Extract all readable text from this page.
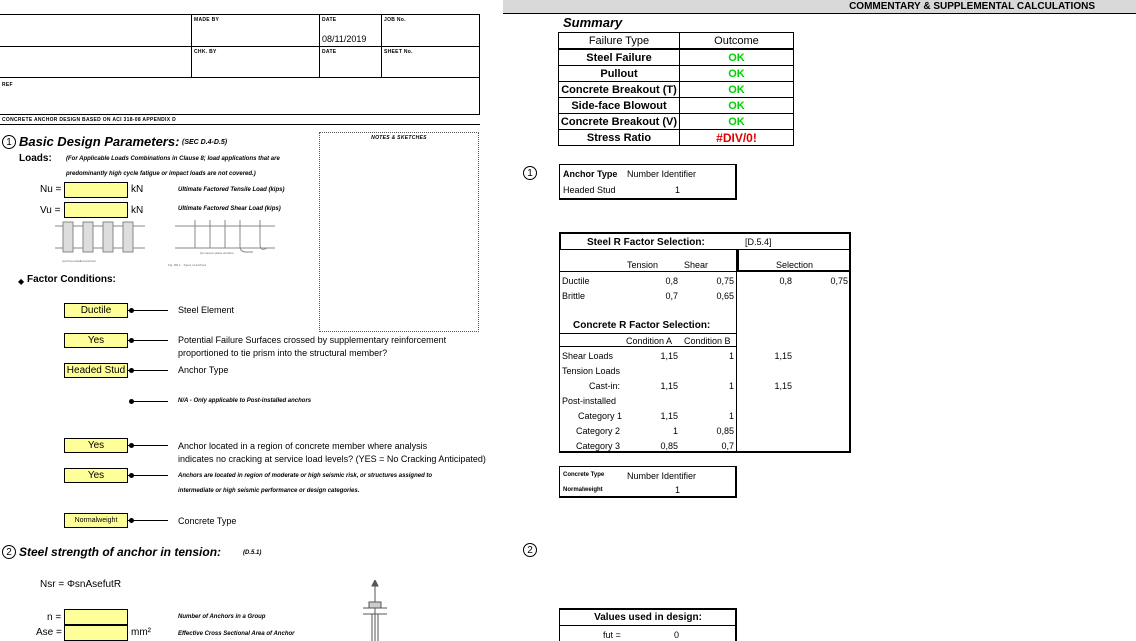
MADE BY	DATE	JOB No.
08/11/2019
CHK. BY	DATE	SHEET No.
REF
CONCRETE ANCHOR DESIGN BASED ON ACI 318-08 APPENDIX D
1 Basic Design Parameters: (SEC D.4-D.5)
NOTES & SKETCHES
Loads: (For Applicable Loads Combinations in Clause 8; load applications that are
predominantly high cycle fatigue or impact loads are not covered.)
Nu =	kN	Ultimate Factored Tensile Load (kips)
Vu =	kN	Ultimate Factored Shear Load (kips)
(a) Post-installed anchors
(b) Cast-in-place anchors
Fig. RD.1 - Types of anchors
◆ Factor Conditions:
Ductile	Steel Element
Yes	Potential Failure Surfaces crossed by supplementary reinforcement
proportioned to tie prism into the structural member?
Headed Stud	Anchor Type
N/A - Only applicable to Post-installed anchors
Yes	Anchor located in a region of concrete member where analysis
indicates no cracking at service load levels? (YES = No Cracking Anticipated)
Yes	Anchors are located in region of moderate or high seismic risk, or structures assigned to
intermediate or high seismic performance or design categories.
Normalweight	Concrete Type
2 Steel strength of anchor in tension:	(D.5.1)
Nsr = ΦsnAsefutR
n =	Number of Anchors in a Group
Ase =	mm²	Effective Cross Sectional Area of Anchor
COMMENTARY & SUPPLEMENTAL CALCULATIONS
Summary
Failure Type	Outcome
Steel Failure	OK
Pullout	OK
Concrete Breakout (T)	OK
Side-face Blowout	OK
Concrete Breakout (V)	OK
Stress Ratio	#DIV/0!
1	Anchor Type	Number Identifier
Headed Stud	1
Steel R Factor Selection:	[D.5.4]
Tension	Shear	Selection
Ductile	0,8	0,75	0,8	0,75
Brittle	0,7	0,65
Concrete R Factor Selection:
Condition A Condition B
Shear Loads	1,15	1	1,15
Tension Loads
Cast-in:	1,15	1	1,15
Post-installed
Category 1	1,15	1
Category 2	1	0,85
Category 3	0,85	0,7
Concrete Type	Number Identifier
Normalweight	1
2
Values used in design:
fut =	0
